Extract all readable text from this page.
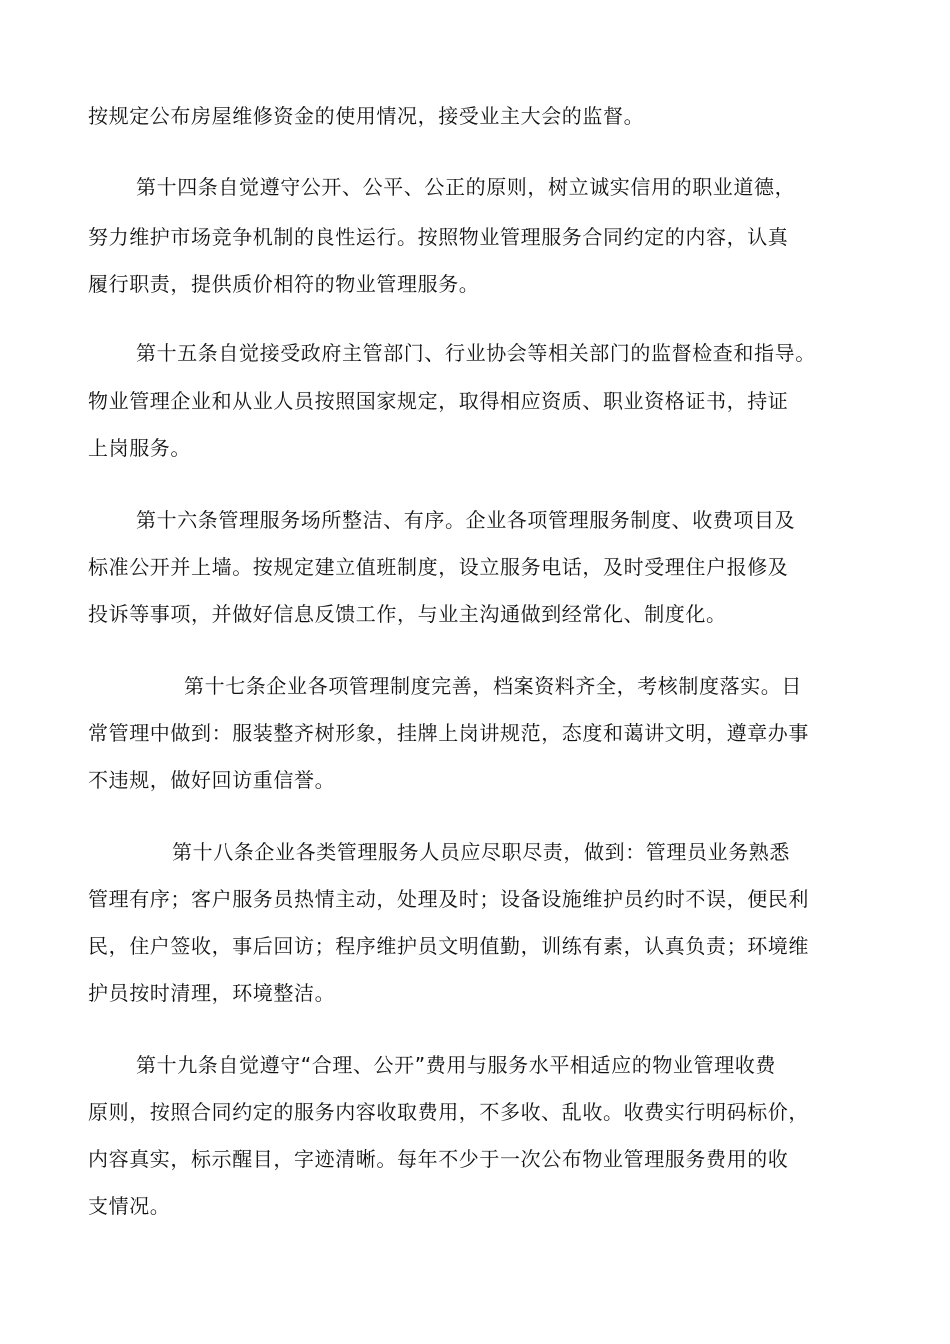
按规定公布房屋维修资金的使用情况，接受业主大会的监督。
第十四条自觉遵守公开、公平、公正的原则，树立诚实信用的职业道德，
努力维护市场竞争机制的良性运行。按照物业管理服务合同约定的内容，认真
履行职责，提供质价相符的物业管理服务。
第十五条自觉接受政府主管部门、行业协会等相关部门的监督检查和指导。
物业管理企业和从业人员按照国家规定，取得相应资质、职业资格证书，持证
上岗服务。
第十六条管理服务场所整洁、有序。企业各项管理服务制度、收费项目及
标准公开并上墙。按规定建立值班制度，设立服务电话，及时受理住户报修及
投诉等事项，并做好信息反馈工作，与业主沟通做到经常化、制度化。
第十七条企业各项管理制度完善，档案资料齐全，考核制度落实。日
常管理中做到：服装整齐树形象，挂牌上岗讲规范，态度和蔼讲文明，遵章办事
不违规，做好回访重信誉。
第十八条企业各类管理服务人员应尽职尽责，做到：管理员业务熟悉
管理有序；客户服务员热情主动，处理及时；设备设施维护员约时不误，便民利
民，住户签收，事后回访；程序维护员文明值勤，训练有素，认真负责；环境维
护员按时清理，环境整洁。
第十九条自觉遵守“合理、公开”费用与服务水平相适应的物业管理收费
原则，按照合同约定的服务内容收取费用，不多收、乱收。收费实行明码标价，
内容真实，标示醒目，字迹清晰。每年不少于一次公布物业管理服务费用的收
支情况。
